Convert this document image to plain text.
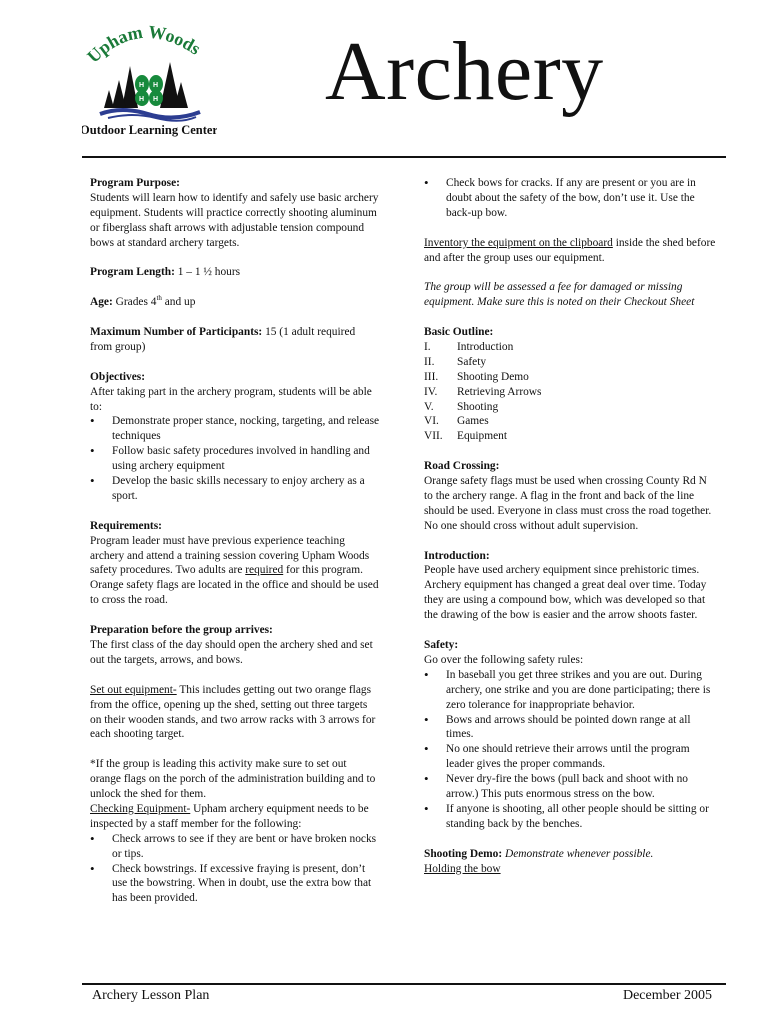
Upham Woods
H H
H H
Outdoor Learning Center
Archery

Program Purpose:

Students will learn how to identify and safely use basic archery equipment. Students will practice correctly shooting aluminum or fiberglass shaft arrows with adjustable tension compound bows at standard archery targets.

Program Length: 1 – 1 ½ hours

Age: Grades 4th and up

Maximum Number of Participants: 15 (1 adult required from group)

Objectives:

After taking part in the archery program, students will be able to:

• Demonstrate proper stance, nocking, targeting, and release techniques
• Follow basic safety procedures involved in handling and using archery equipment
• Develop the basic skills necessary to enjoy archery as a sport.

Requirements:

Program leader must have previous experience teaching archery and attend a training session covering Upham Woods safety procedures. Two adults are required for this program. Orange safety flags are located in the office and should be used to cross the road.

Preparation before the group arrives:

The first class of the day should open the archery shed and set out the targets, arrows, and bows.

Set out equipment- This includes getting out two orange flags from the office, opening up the shed, setting out three targets on their wooden stands, and two arrow racks with 3 arrows for each shooting target.

*If the group is leading this activity make sure to set out orange flags on the porch of the administration building and to unlock the shed for them.

Checking Equipment- Upham archery equipment needs to be inspected by a staff member for the following:

• Check arrows to see if they are bent or have broken nocks or tips.
• Check bowstrings. If excessive fraying is present, don’t use the bowstring. When in doubt, use the extra bow that has been provided.
• Check bows for cracks. If any are present or you are in doubt about the safety of the bow, don’t use it. Use the back-up bow.

Inventory the equipment on the clipboard inside the shed before and after the group uses our equipment.

The group will be assessed a fee for damaged or missing equipment. Make sure this is noted on their Checkout Sheet

Basic Outline:

I.	Introduction
II.	Safety
III.	Shooting Demo
IV.	Retrieving Arrows
V.	Shooting
VI.	Games
VII.	Equipment

Road Crossing:

Orange safety flags must be used when crossing County Rd N to the archery range. A flag in the front and back of the line should be used. Everyone in class must cross the road together. No one should cross without adult supervision.

Introduction:

People have used archery equipment since prehistoric times. Archery equipment has changed a great deal over time. Today they are using a compound bow, which was developed so that the drawing of the bow is easier and the arrow shoots faster.

Safety:

Go over the following safety rules:

• In baseball you get three strikes and you are out. During archery, one strike and you are done participating; there is zero tolerance for inappropriate behavior.
• Bows and arrows should be pointed down range at all times.
• No one should retrieve their arrows until the program leader gives the proper commands.
• Never dry-fire the bows (pull back and shoot with no arrow.) This puts enormous stress on the bow.
• If anyone is shooting, all other people should be sitting or standing back by the benches.

Shooting Demo: Demonstrate whenever possible.

Holding the bow

Archery Lesson Plan	December 2005
